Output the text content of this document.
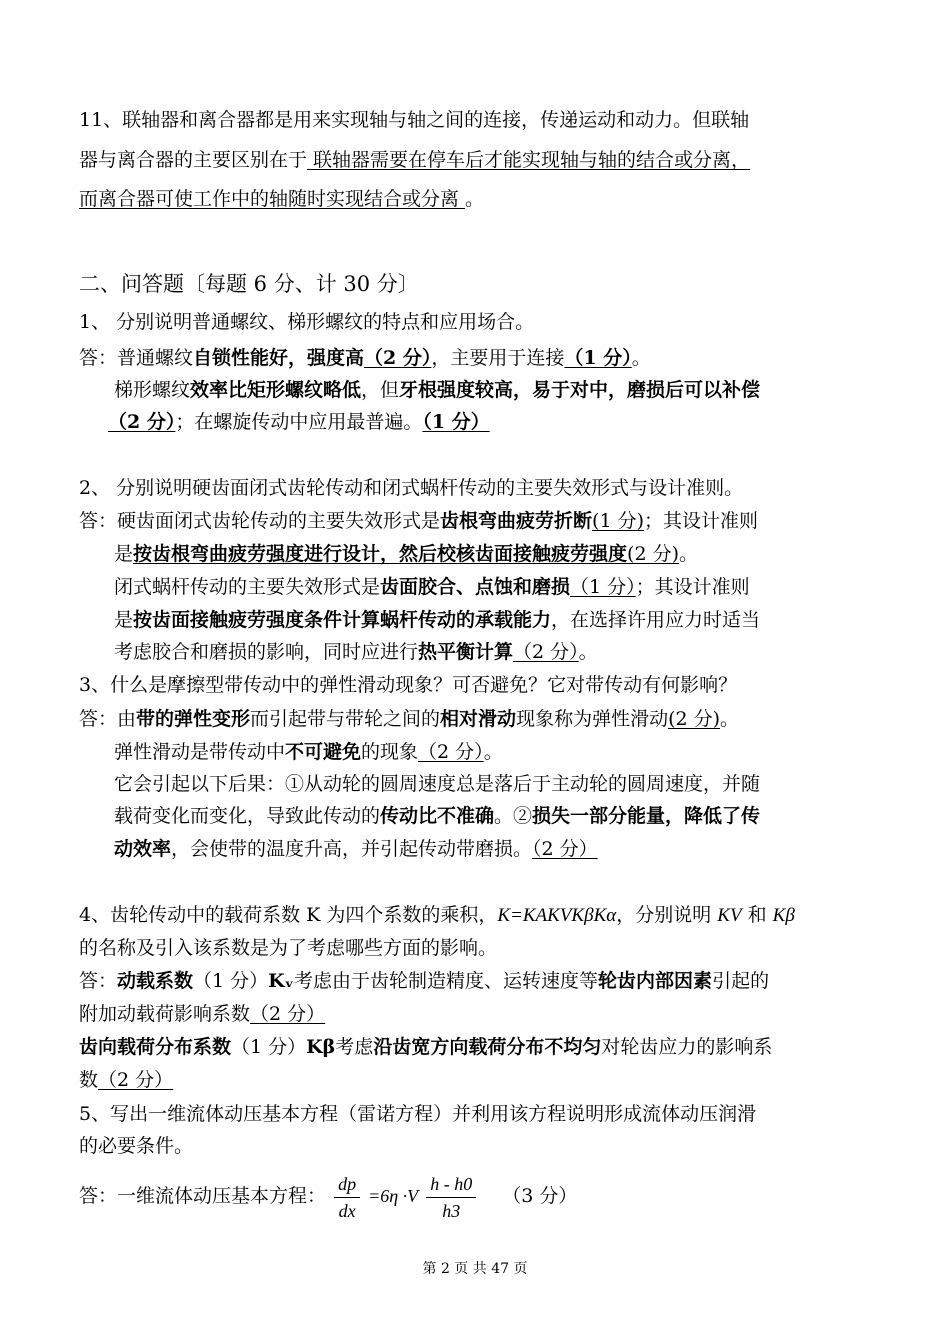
11、联轴器和离合器都是用来实现轴与轴之间的连接，传递运动和动力。但联轴
器与离合器的主要区别在于 联轴器需要在停车后才能实现轴与轴的结合或分离，
而离合器可使工作中的轴随时实现结合或分离 。
二、问答题〔每题 6 分、计 30 分〕
1、 分别说明普通螺纹、梯形螺纹的特点和应用场合。
答：普通螺纹自锁性能好，强度高（2 分），主要用于连接（1 分）。
梯形螺纹效率比矩形螺纹略低，但牙根强度较高，易于对中，磨损后可以补偿
（2 分）；在螺旋传动中应用最普遍。（1 分）
2、 分别说明硬齿面闭式齿轮传动和闭式蜗杆传动的主要失效形式与设计准则。
答：硬齿面闭式齿轮传动的主要失效形式是齿根弯曲疲劳折断(1 分)；其设计准则
是按齿根弯曲疲劳强度进行设计，然后校核齿面接触疲劳强度(2 分)。
闭式蜗杆传动的主要失效形式是齿面胶合、点蚀和磨损（1 分）；其设计准则
是按齿面接触疲劳强度条件计算蜗杆传动的承载能力，在选择许用应力时适当
考虑胶合和磨损的影响，同时应进行热平衡计算（2 分）。
3、什么是摩擦型带传动中的弹性滑动现象？可否避免？它对带传动有何影响？
答：由带的弹性变形而引起带与带轮之间的相对滑动现象称为弹性滑动(2 分)。
弹性滑动是带传动中不可避免的现象（2 分）。
它会引起以下后果：①从动轮的圆周速度总是落后于主动轮的圆周速度，并随
载荷变化而变化，导致此传动的传动比不准确。②损失一部分能量，降低了传
动效率，会使带的温度升高，并引起传动带磨损。（2 分）
4、齿轮传动中的载荷系数 K 为四个系数的乘积，K=KAKVKβKα，分别说明 KV 和 Kβ
的名称及引入该系数是为了考虑哪些方面的影响。
答：动载系数（1 分）Kᵥ考虑由于齿轮制造精度、运转速度等轮齿内部因素引起的
附加动载荷影响系数（2 分）
齿向载荷分布系数（1 分）Kβ考虑沿齿宽方向载荷分布不均匀对轮齿应力的影响系
数（2 分）
5、写出一维流体动压基本方程（雷诺方程）并利用该方程说明形成流体动压润滑
的必要条件。
答：一维流体动压基本方程： $\frac{dp}{dx} =6\eta \cdot V \frac{h - h0}{h3} (3$ 分）
第 2 页 共 47 页
